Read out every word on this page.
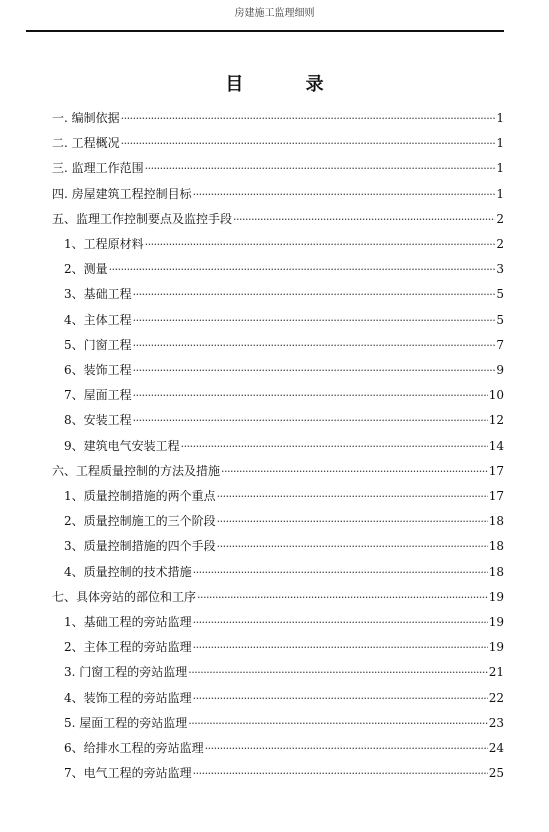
房建施工监理细则
目 录
一. 编制依据 ·····	1
二. 工程概况 ·····	1
三. 监理工作范围 ·····	1
四. 房屋建筑工程控制目标 ·····	1
五、监理工作控制要点及监控手段 ·····	2
1、工程原材料 ·····	2
2、测量 ·····	3
3、基础工程 ·····	5
4、主体工程 ·····	5
5、门窗工程 ·····	7
6、装饰工程 ·····	9
7、屋面工程 ·····	10
8、安装工程 ·····	12
9、建筑电气安装工程 ·····	14
六、工程质量控制的方法及措施 ·····	17
1、质量控制措施的两个重点 ·····	17
2、质量控制施工的三个阶段 ·····	18
3、质量控制措施的四个手段 ·····	18
4、质量控制的技术措施 ·····	18
七、具体旁站的部位和工序 ·····	19
1、基础工程的旁站监理 ·····	19
2、主体工程的旁站监理 ·····	19
3. 门窗工程的旁站监理 ·····	21
4、装饰工程的旁站监理 ·····	22
5. 屋面工程的旁站监理 ·····	23
6、给排水工程的旁站监理 ·····	24
7、电气工程的旁站监理 ·····	25
